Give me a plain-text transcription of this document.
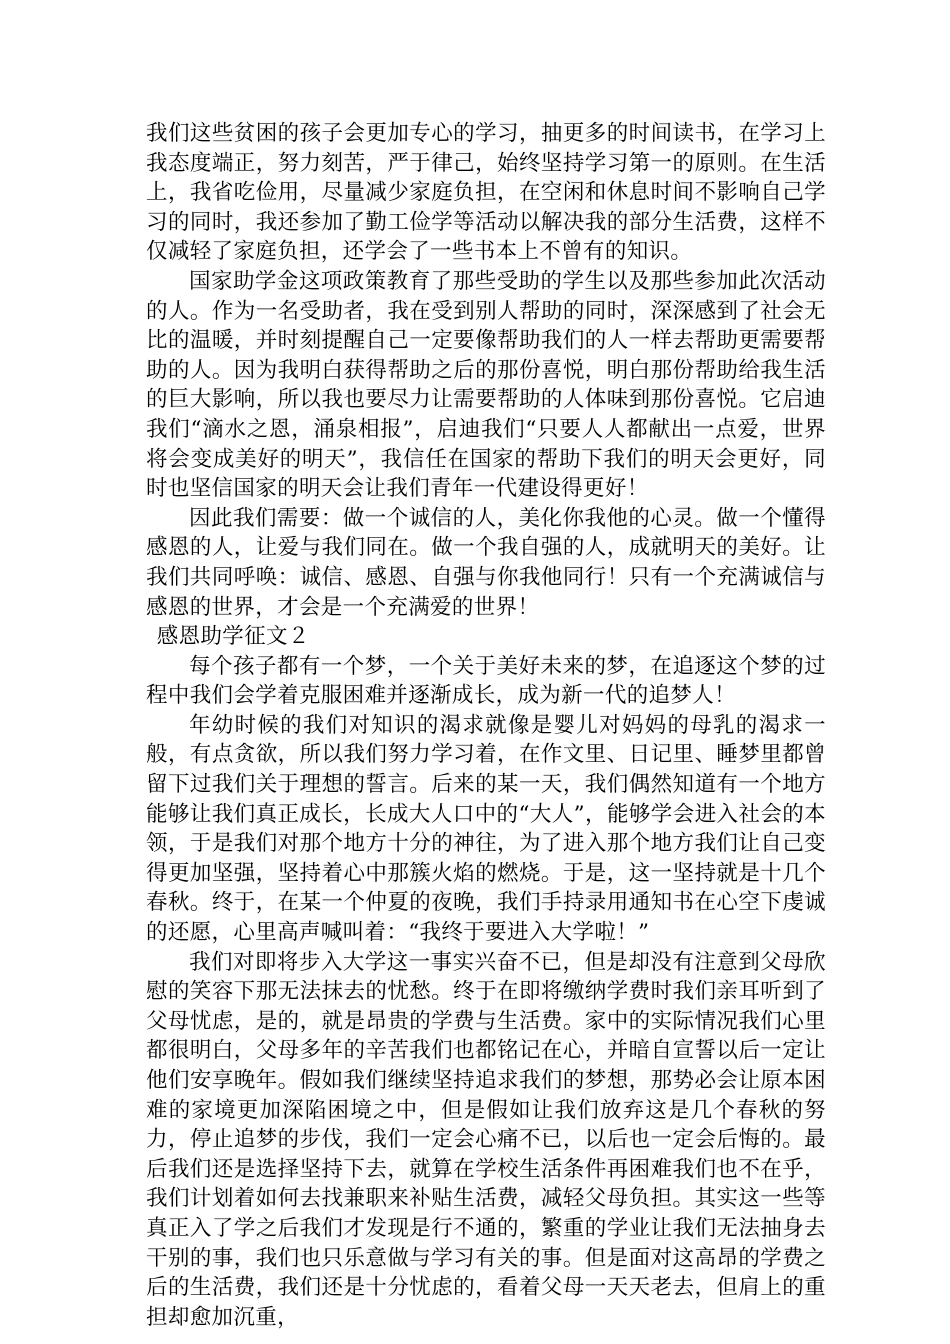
我们这些贫困的孩子会更加专心的学习，抽更多的时间读书，在学习上我态度端正，努力刻苦，严于律己，始终坚持学习第一的原则。在生活上，我省吃俭用，尽量减少家庭负担，在空闲和休息时间不影响自己学习的同时，我还参加了勤工俭学等活动以解决我的部分生活费，这样不仅减轻了家庭负担，还学会了一些书本上不曾有的知识。

国家助学金这项政策教育了那些受助的学生以及那些参加此次活动的人。作为一名受助者，我在受到别人帮助的同时，深深感到了社会无比的温暖，并时刻提醒自己一定要像帮助我们的人一样去帮助更需要帮助的人。因为我明白获得帮助之后的那份喜悦，明白那份帮助给我生活的巨大影响，所以我也要尽力让需要帮助的人体味到那份喜悦。它启迪我们“滴水之恩，涌泉相报”，启迪我们“只要人人都献出一点爱，世界将会变成美好的明天”，我信任在国家的帮助下我们的明天会更好，同时也坚信国家的明天会让我们青年一代建设得更好！

因此我们需要：做一个诚信的人，美化你我他的心灵。做一个懂得感恩的人，让爱与我们同在。做一个我自强的人，成就明天的美好。让我们共同呼唤：诚信、感恩、自强与你我他同行！只有一个充满诚信与感恩的世界，才会是一个充满爱的世界！

感恩助学征文２

每个孩子都有一个梦，一个关于美好未来的梦，在追逐这个梦的过程中我们会学着克服困难并逐渐成长，成为新一代的追梦人！

年幼时候的我们对知识的渴求就像是婴儿对妈妈的母乳的渴求一般，有点贪欲，所以我们努力学习着，在作文里、日记里、睡梦里都曾留下过我们关于理想的誓言。后来的某一天，我们偶然知道有一个地方能够让我们真正成长，长成大人口中的“大人”，能够学会进入社会的本领，于是我们对那个地方十分的神往，为了进入那个地方我们让自己变得更加坚强，坚持着心中那簇火焰的燃烧。于是，这一坚持就是十几个春秋。终于，在某一个仲夏的夜晚，我们手持录用通知书在心空下虔诚的还愿，心里高声喊叫着：“我终于要进入大学啦！”

我们对即将步入大学这一事实兴奋不已，但是却没有注意到父母欣慰的笑容下那无法抹去的忧愁。终于在即将缴纳学费时我们亲耳听到了父母忧虑，是的，就是昂贵的学费与生活费。家中的实际情况我们心里都很明白，父母多年的辛苦我们也都铭记在心，并暗自宣誓以后一定让他们安享晚年。假如我们继续坚持追求我们的梦想，那势必会让原本困难的家境更加深陷困境之中，但是假如让我们放弃这是几个春秋的努力，停止追梦的步伐，我们一定会心痛不已，以后也一定会后悔的。最后我们还是选择坚持下去，就算在学校生活条件再困难我们也不在乎，我们计划着如何去找兼职来补贴生活费，减轻父母负担。其实这一些等真正入了学之后我们才发现是行不通的，繁重的学业让我们无法抽身去干别的事，我们也只乐意做与学习有关的事。但是面对这高昂的学费之后的生活费，我们还是十分忧虑的，看着父母一天天老去，但肩上的重担却愈加沉重，
